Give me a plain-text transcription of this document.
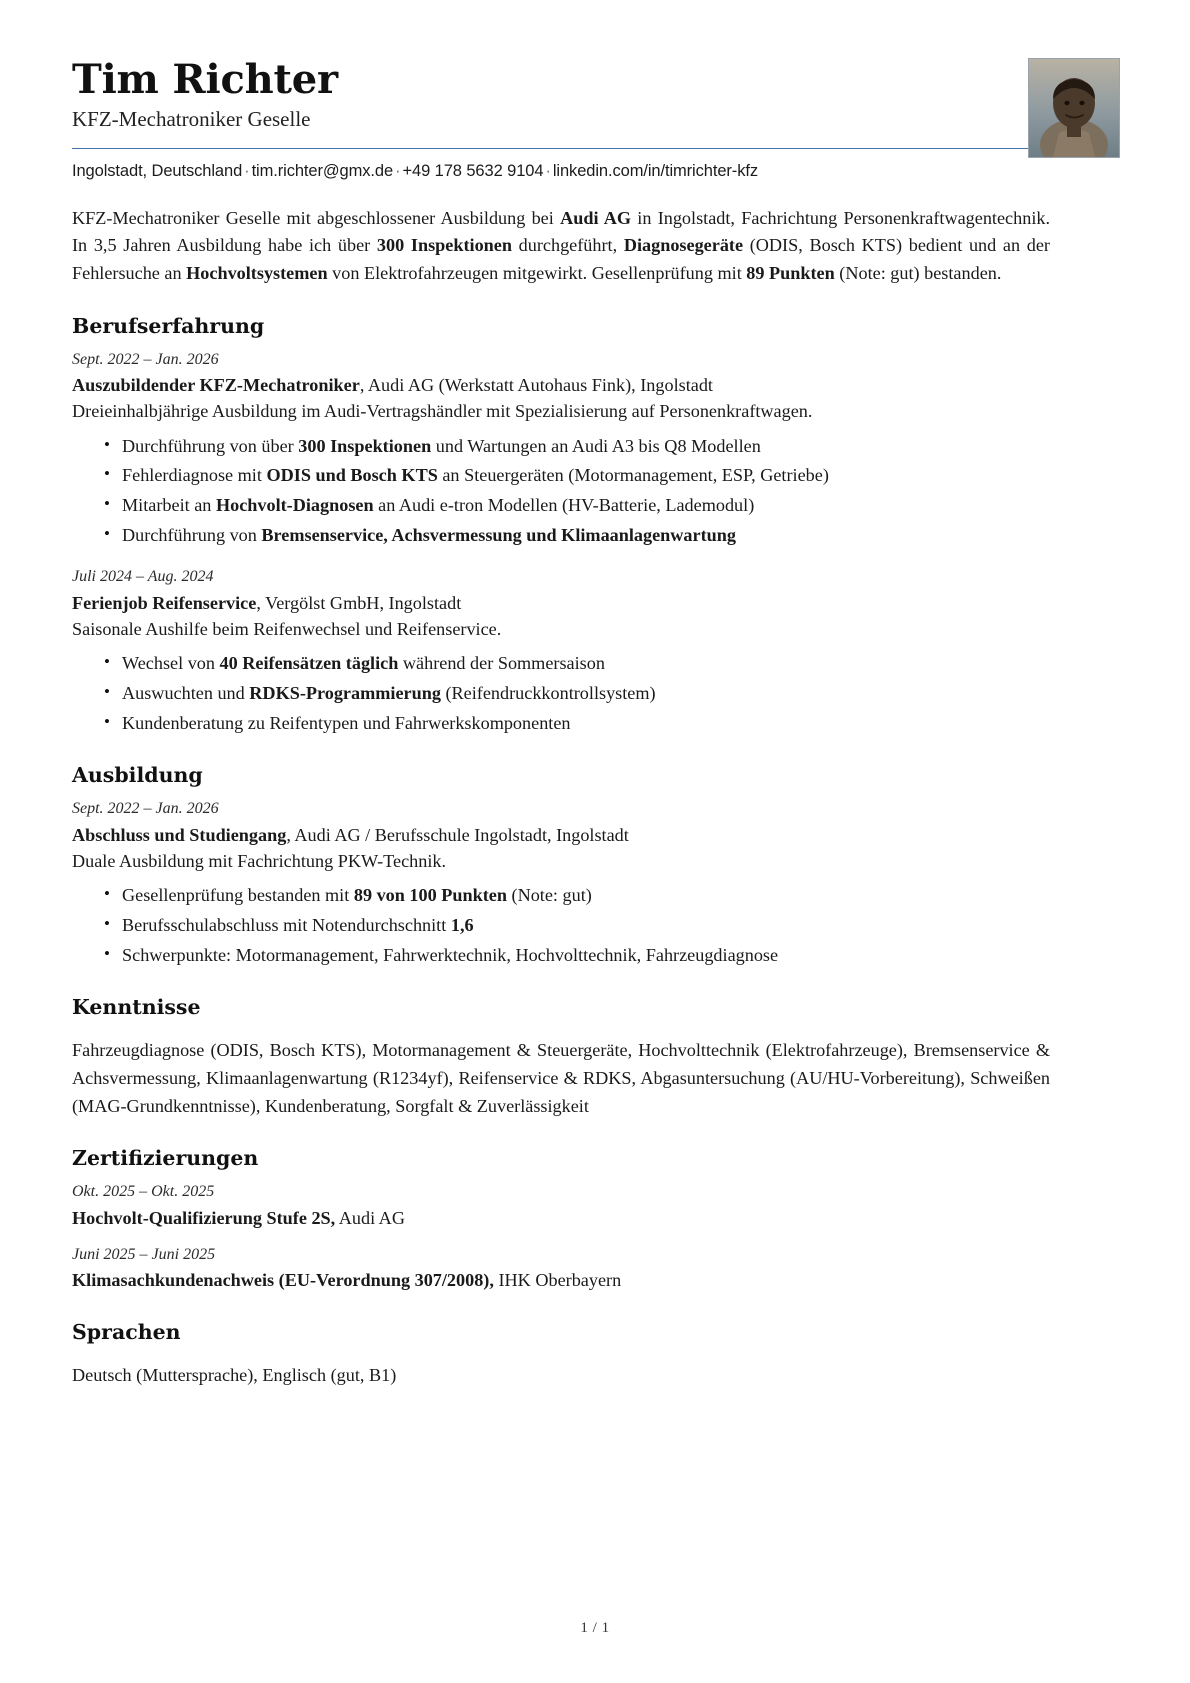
Tim Richter
KFZ-Mechatroniker Geselle
Ingolstadt, Deutschland · tim.richter@gmx.de · +49 178 5632 9104 · linkedin.com/in/timrichter-kfz

KFZ-Mechatroniker Geselle mit abgeschlossener Ausbildung bei Audi AG in Ingolstadt, Fachrichtung Personenkraftwagentechnik. In 3,5 Jahren Ausbildung habe ich über 300 Inspektionen durchgeführt, Diagnosegeräte (ODIS, Bosch KTS) bedient und an der Fehlersuche an Hochvoltsystemen von Elektrofahrzeugen mitgewirkt. Gesellenprüfung mit 89 Punkten (Note: gut) bestanden.

Berufserfahrung
Sept. 2022 – Jan. 2026
Auszubildender KFZ-Mechatroniker, Audi AG (Werkstatt Autohaus Fink), Ingolstadt
Dreieinhalbjährige Ausbildung im Audi-Vertragshändler mit Spezialisierung auf Personenkraftwagen.
• Durchführung von über 300 Inspektionen und Wartungen an Audi A3 bis Q8 Modellen
• Fehlerdiagnose mit ODIS und Bosch KTS an Steuergeräten (Motormanagement, ESP, Getriebe)
• Mitarbeit an Hochvolt-Diagnosen an Audi e-tron Modellen (HV-Batterie, Lademodul)
• Durchführung von Bremsenservice, Achsvermessung und Klimaanlagenwartung
Juli 2024 – Aug. 2024
Ferienjob Reifenservice, Vergölst GmbH, Ingolstadt
Saisonale Aushilfe beim Reifenwechsel und Reifenservice.
• Wechsel von 40 Reifensätzen täglich während der Sommersaison
• Auswuchten und RDKS-Programmierung (Reifendruckkontrollsystem)
• Kundenberatung zu Reifentypen und Fahrwerkskomponenten
Ausbildung
Sept. 2022 – Jan. 2026
Abschluss und Studiengang, Audi AG / Berufsschule Ingolstadt, Ingolstadt
Duale Ausbildung mit Fachrichtung PKW-Technik.
• Gesellenprüfung bestanden mit 89 von 100 Punkten (Note: gut)
• Berufsschulabschluss mit Notendurchschnitt 1,6
• Schwerpunkte: Motormanagement, Fahrwerktechnik, Hochvolttechnik, Fahrzeugdiagnose
Kenntnisse

Fahrzeugdiagnose (ODIS, Bosch KTS), Motormanagement & Steuergeräte, Hochvolttechnik (Elektrofahrzeuge), Bremsenservice & Achsvermessung, Klimaanlagenwartung (R1234yf), Reifenservice & RDKS, Abgasuntersuchung (AU/HU-Vorbereitung), Schweißen (MAG-Grundkenntnisse), Kundenberatung, Sorgfalt & Zuverlässigkeit

Zertifizierungen
Okt. 2025 – Okt. 2025
Hochvolt-Qualifizierung Stufe 2S, Audi AG
Juni 2025 – Juni 2025
Klimasachkundenachweis (EU-Verordnung 307/2008), IHK Oberbayern
Sprachen

Deutsch (Muttersprache), Englisch (gut, B1)

1 / 1
